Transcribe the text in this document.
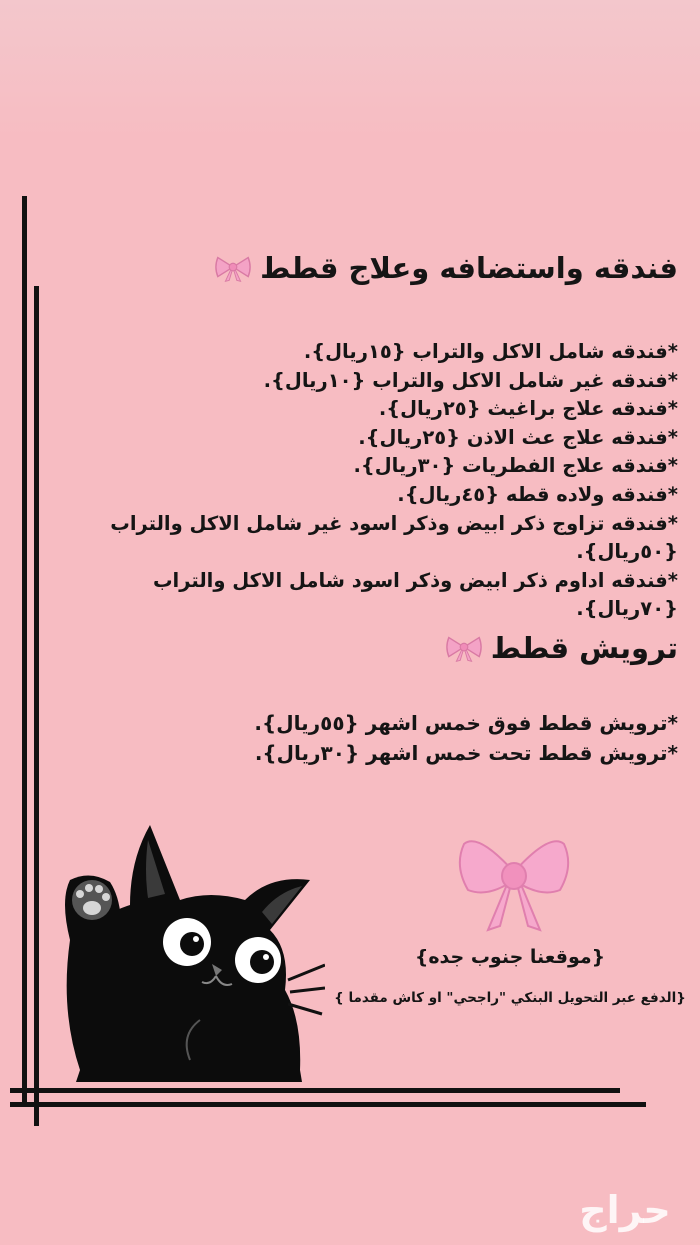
فندقه واستضافه وعلاج قطط
*فندقه شامل الاكل والتراب {١٥ريال}.
*فندقه غير شامل الاكل والتراب {١٠ريال}.
*فندقه علاج براغيث {٢٥ريال}.
*فندقه علاج عث الاذن {٢٥ريال}.
*فندقه علاج الفطريات {٣٠ريال}.
*فندقه ولاده قطه {٤٥ريال}.
*فندقه تزاوج ذكر ابيض وذكر اسود غير شامل الاكل والتراب
{٥٠ريال}.
*فندقه اداوم ذكر ابيض وذكر اسود شامل الاكل والتراب {٧٠ريال}.
ترويش قطط
*ترويش قطط فوق خمس اشهر {٥٥ريال}.
*ترويش قطط تحت خمس اشهر {٣٠ريال}.
{موقعنا جنوب جده}
{الدفع عبر التحويل البنكي "راجحي" او كاش مقدما }
حراج
